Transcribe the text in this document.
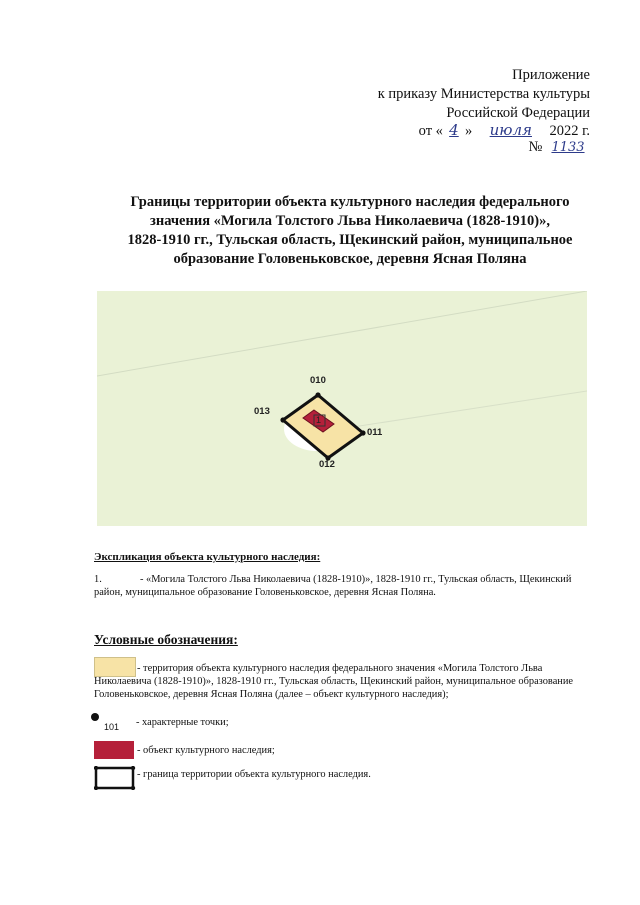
Приложение
к приказу Министерства культуры
Российской Федерации
от « 4 » июля 2022 г.
№ 1133
Границы территории объекта культурного наследия федерального
значения «Могила Толстого Льва Николаевича (1828-1910)»,
1828-1910 гг., Тульская область, Щекинский район, муниципальное
образование Головеньковское, деревня Ясная Поляна
010
011
012
013
1
Экспликация объекта культурного наследия:
1.	- «Могила Толстого Льва Николаевича (1828-1910)», 1828-1910 гг., Тульская область, Щекинский
район, муниципальное образование Головеньковское, деревня Ясная Поляна.
Условные обозначения:
- территория объекта культурного наследия федерального значения «Могила Толстого Льва
Николаевича (1828-1910)», 1828-1910 гг., Тульская область, Щекинский район, муниципальное образование
Головеньковское, деревня Ясная Поляна (далее – объект культурного наследия);
101 - характерные точки;
- объект культурного наследия;
- граница территории объекта культурного наследия.
